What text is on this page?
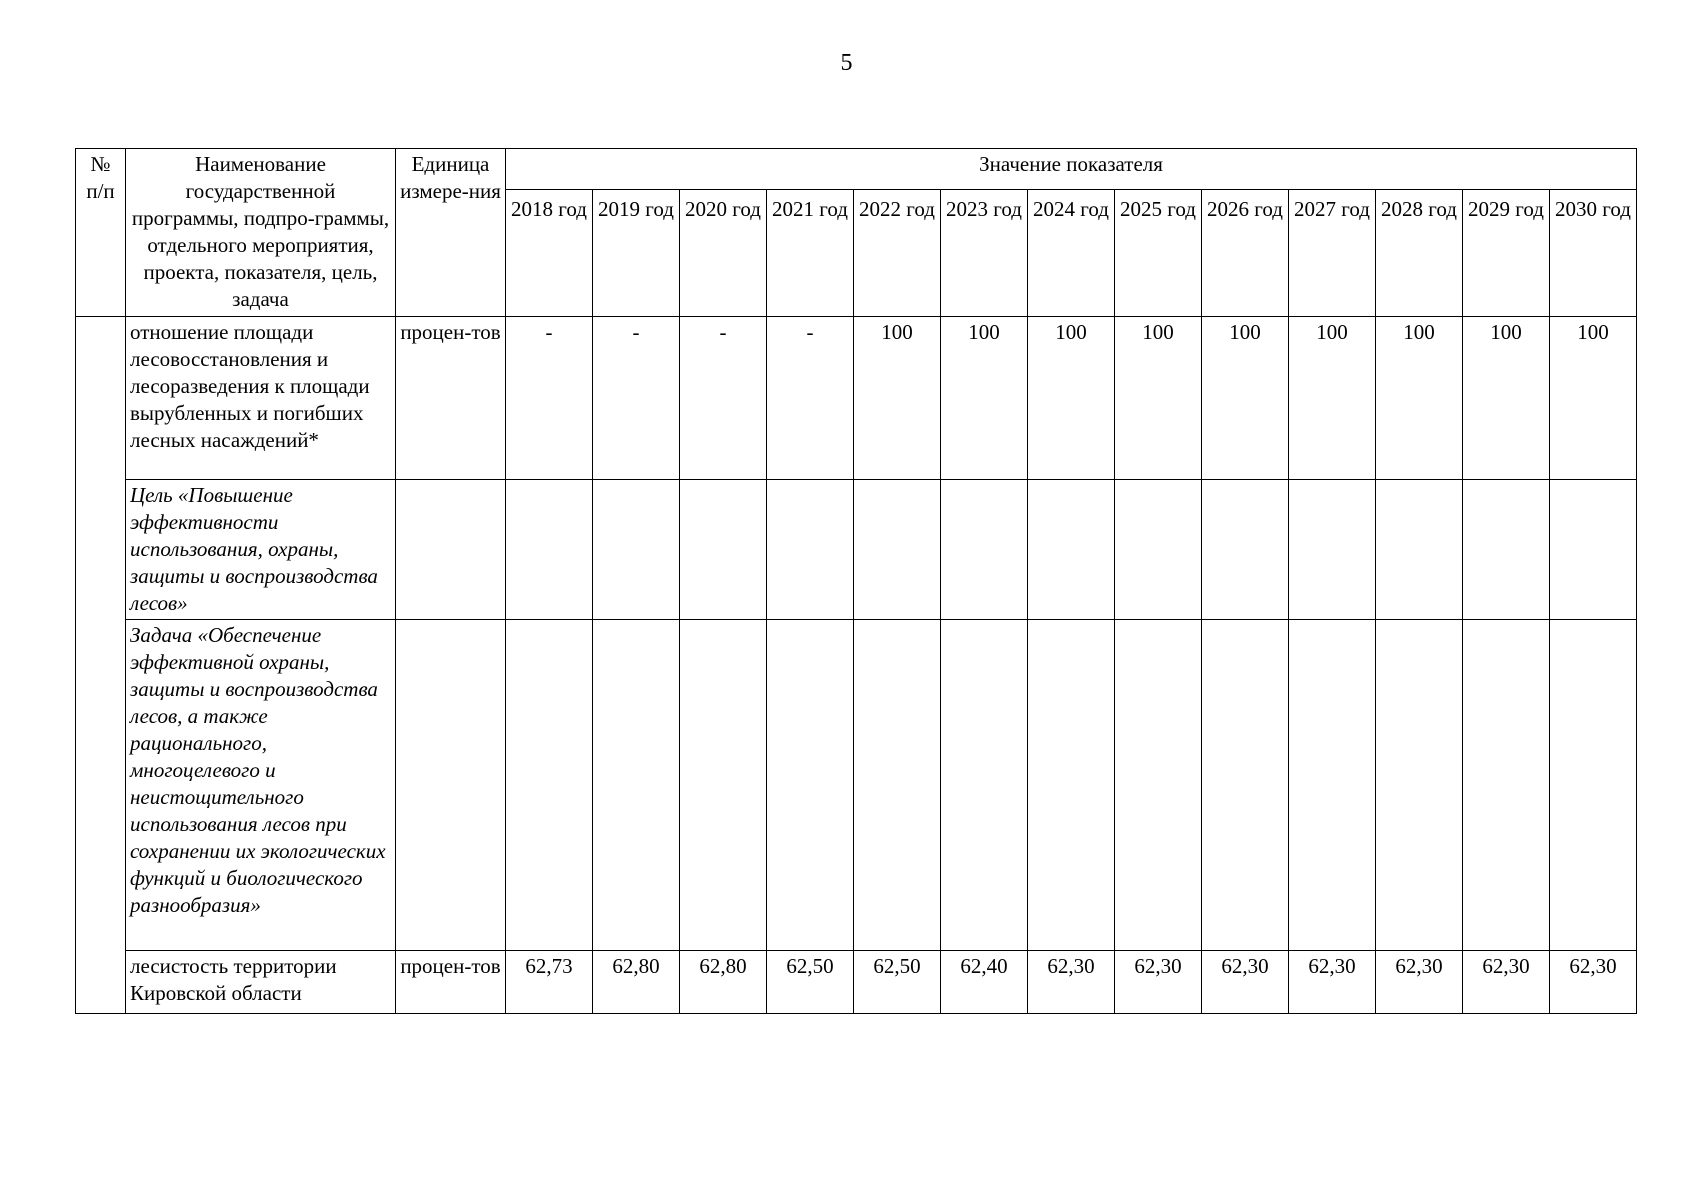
5
№ п/п	Наименование государственной программы, подпро-граммы, отдельного мероприятия, проекта, показателя, цель, задача	Единица измере-ния	Значение показателя												
			2018 год	2019 год	2020 год	2021 год	2022 год	2023 год	2024 год	2025 год	2026 год	2027 год	2028 год	2029 год	2030 год
	отношение площади лесовосстановления и лесоразведения к площади вырубленных и погибших лесных насаждений*	процен-тов	-	-	-	-	100	100	100	100	100	100	100	100	100
	Цель «Повышение эффективности использования, охраны, защиты и воспроизводства лесов»														
	Задача «Обеспечение эффективной охраны, защиты и воспроизводства лесов, а также рационального, многоцелевого и неистощительного использования лесов при сохранении их экологических функций и биологического разнообразия»														
	лесистость территории Кировской области	процен-тов	62,73	62,80	62,80	62,50	62,50	62,40	62,30	62,30	62,30	62,30	62,30	62,30	62,30
